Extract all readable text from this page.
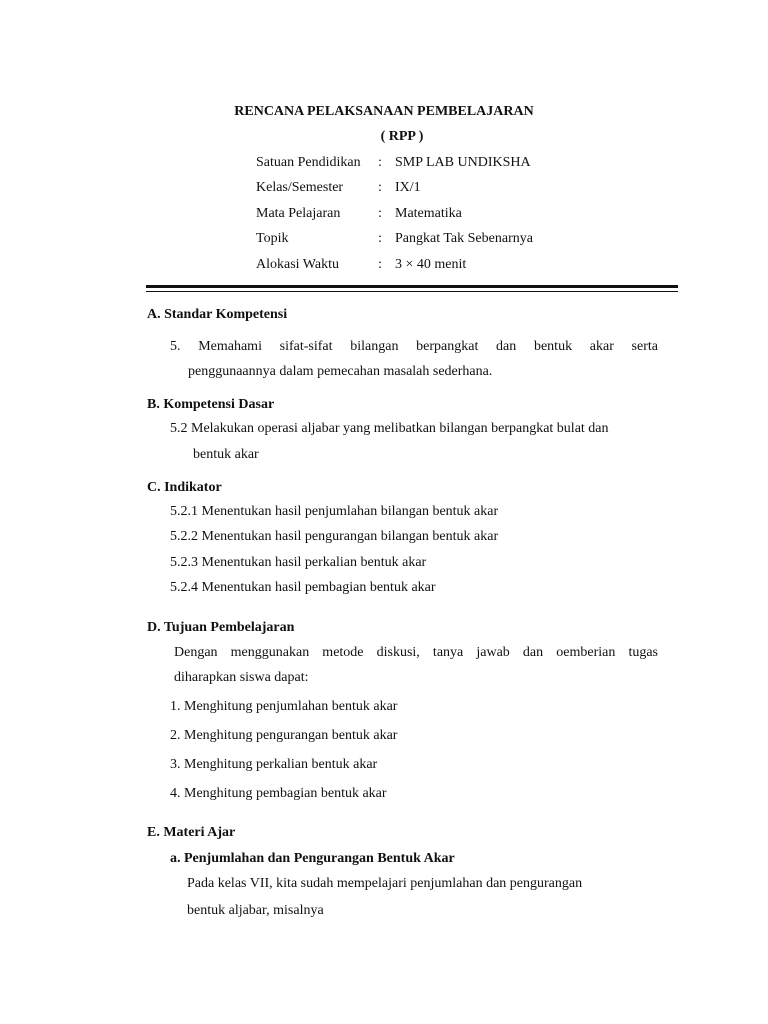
RENCANA PELAKSANAAN PEMBELAJARAN
( RPP )
Satuan Pendidikan : SMP LAB UNDIKSHA
Kelas/Semester : IX/1
Mata Pelajaran	: Matematika
Topik	: Pangkat Tak Sebenarnya
Alokasi Waktu	: 3 × 40 menit
A. Standar Kompetensi
5. Memahami sifat-sifat bilangan berpangkat dan bentuk akar serta
penggunaannya dalam pemecahan masalah sederhana.
B. Kompetensi Dasar
5.2 Melakukan operasi aljabar yang melibatkan bilangan berpangkat bulat dan
bentuk akar
C. Indikator
5.2.1 Menentukan hasil penjumlahan bilangan bentuk akar
5.2.2 Menentukan hasil pengurangan bilangan bentuk akar
5.2.3 Menentukan hasil perkalian bentuk akar
5.2.4 Menentukan hasil pembagian bentuk akar
D. Tujuan Pembelajaran
Dengan menggunakan metode diskusi, tanya jawab dan oemberian tugas
diharapkan siswa dapat:
1. Menghitung penjumlahan bentuk akar
2. Menghitung pengurangan bentuk akar
3. Menghitung perkalian bentuk akar
4. Menghitung pembagian bentuk akar
E. Materi Ajar
a. Penjumlahan dan Pengurangan Bentuk Akar
Pada kelas VII, kita sudah mempelajari penjumlahan dan pengurangan
bentuk aljabar, misalnya
